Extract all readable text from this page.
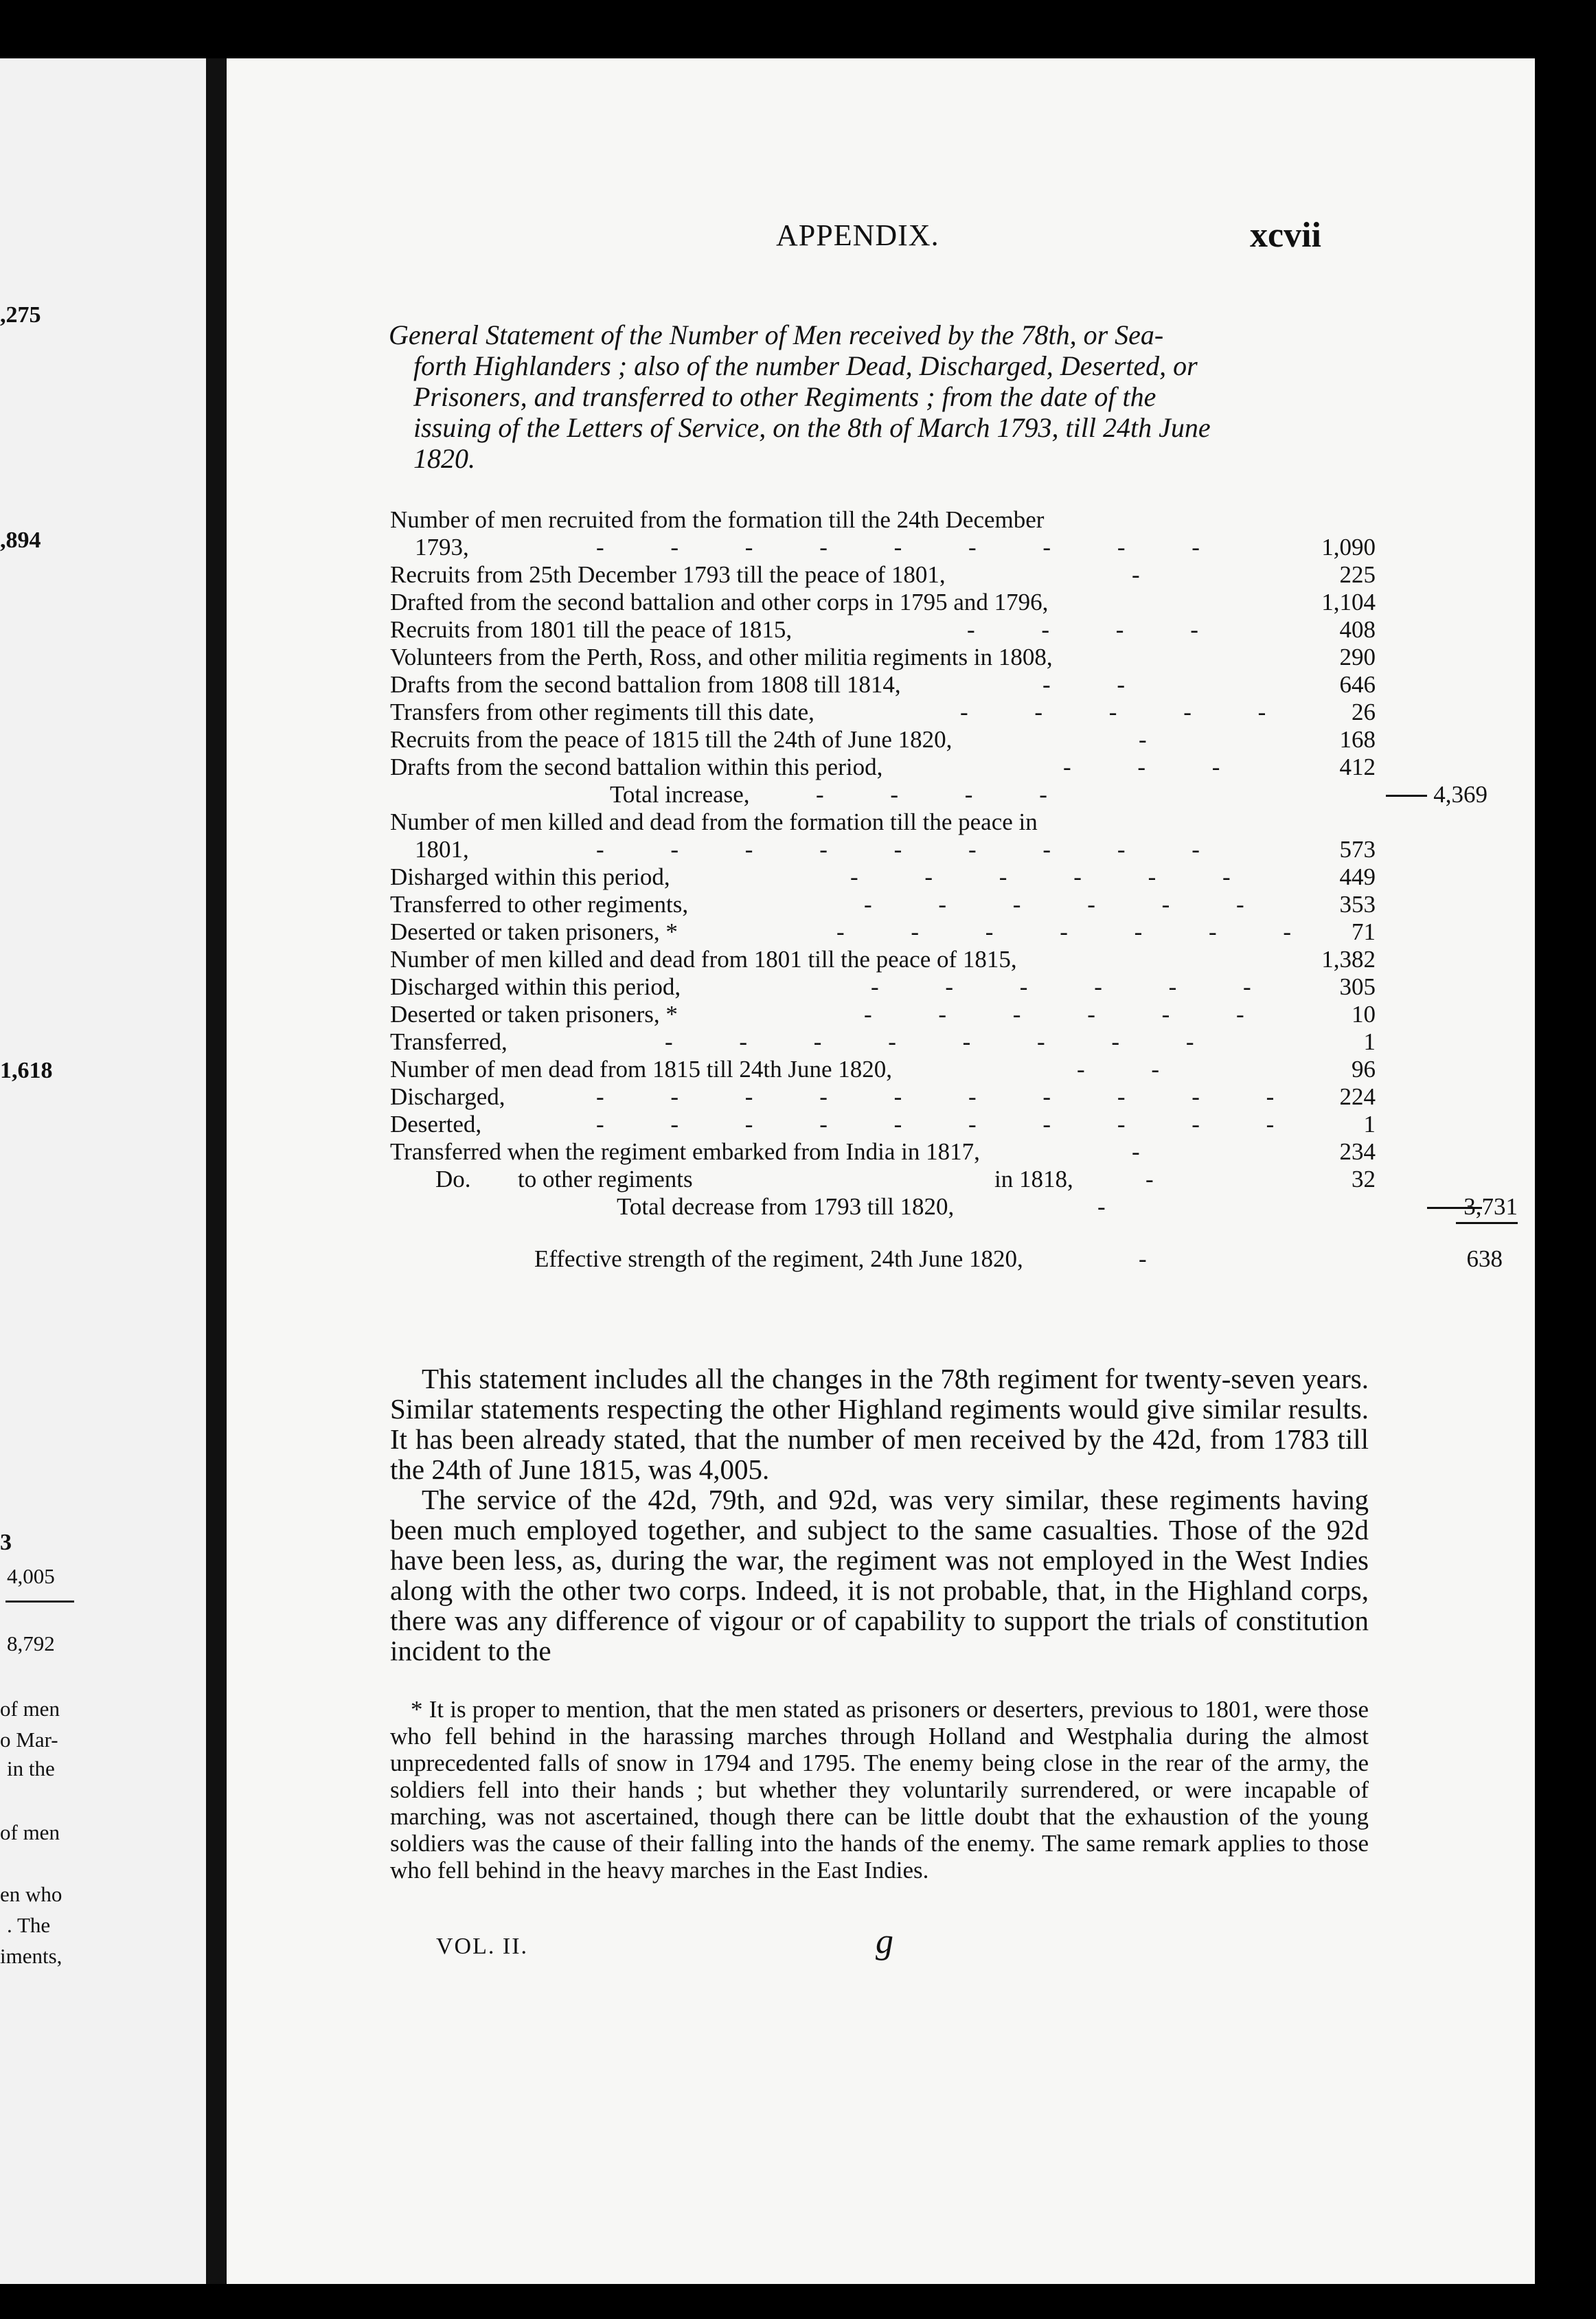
,275
,894
1,618
3
4,005
8,792
of men
o Mar-
in the
of men
en who
. The
iments,
APPENDIX.	xcvii
General Statement of the Number of Men received by the 78th, or Sea-
forth Highlanders ; also of the number Dead, Discharged, Deserted, or
Prisoners, and transferred to other Regiments ; from the date of the
issuing of the Letters of Service, on the 8th of March 1793, till 24th June
1820.
Number of men recruited from the formation till the 24th December
1793,	- - - - - - - - -	1,090
Recruits from 25th December 1793 till the peace of 1801,	-	225
Drafted from the second battalion and other corps in 1795 and 1796,	1,104
Recruits from 1801 till the peace of 1815,	- - - -	408
Volunteers from the Perth, Ross, and other militia regiments in 1808,	290
Drafts from the second battalion from 1808 till 1814,	- -	646
Transfers from other regiments till this date,	- - - - - 26
Recruits from the peace of 1815 till the 24th of June 1820,	-	168
Drafts from the second battalion within this period,	- - -	412
Total increase,	- - - -	4,369
Number of men killed and dead from the formation till the peace in
1801,	- - - - - - - - -	573
Disharged within this period,	- - - - - -	449
Transferred to other regiments,	- - - - - -	353
Deserted or taken prisoners, *	- - - - - - - 71
Number of men killed and dead from 1801 till the peace of 1815,	1,382
Discharged within this period,	- - - - - - 305
Deserted or taken prisoners, *	- - - - - -	10
Transferred,	- - - - - - - -	1
Number of men dead from 1815 till 24th June 1820,	- -	96
Discharged,	- - - - - - - - - - 224
Deserted,	- - - - - - - - - - 1
Transferred when the regiment embarked from India in 1817,	-	234
Do. to other regiments	in 1818,	-	32
Total decrease from 1793 till 1820,	-	3,731
Effective strength of the regiment, 24th June 1820,	-	638

This statement includes all the changes in the 78th regiment for twenty-seven years. Similar statements respecting the other Highland regiments would give similar results. It has been already stated, that the number of men received by the 42d, from 1783 till the 24th of June 1815, was 4,005.

The service of the 42d, 79th, and 92d, was very similar, these regiments having been much employed together, and subject to the same casualties. Those of the 92d have been less, as, during the war, the regiment was not employed in the West Indies along with the other two corps. Indeed, it is not probable, that, in the Highland corps, there was any difference of vigour or of capability to support the trials of constitution incident to the

* It is proper to mention, that the men stated as prisoners or deserters, previous to 1801, were those who fell behind in the harassing marches through Holland and Westphalia during the almost unprecedented falls of snow in 1794 and 1795. The enemy being close in the rear of the army, the soldiers fell into their hands ; but whether they voluntarily surrendered, or were incapable of marching, was not ascertained, though there can be little doubt that the exhaustion of the young soldiers was the cause of their falling into the hands of the enemy. The same remark applies to those who fell behind in the heavy marches in the East Indies.

VOL. II.	g
